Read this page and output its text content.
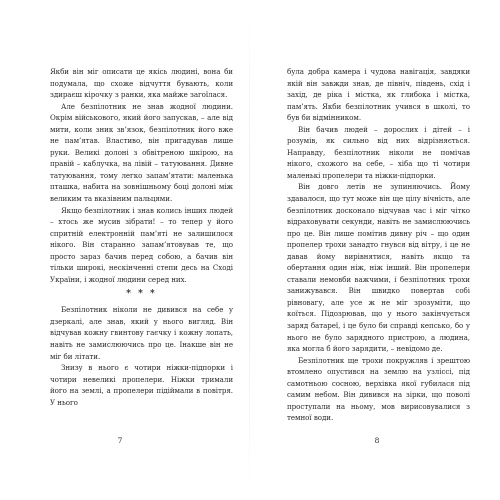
Якби він міг описати це якісь людині, вона би подумала, що схоже відчуття бувають, коли здираєш кірочку з ранки, яка майже загоїлася.

Але безпілотник не знав жодної людини. Окрім військового, який його запускав, – але від мити, коли зник зв’язок, безпілотник його вже не пам’ятав. Властиво, він пригадував лише руки. Великі долоні з обвітреною шкірою, на правій – каблучка, на лівій – татуювання. Дивне татуювання, тому легко запам’ятати: маленька пташка, набита на зовнішньому боці долоні між великим та вказівним пальцями.

Якщо безпілотник і знав колись інших людей – хтось же мусив зібрати! – то тепер у його спритній електронній пам’яті не залишилося нікого. Він старанно запам’ятовував те, що просто зараз бачив перед собою, а бачив він тільки широкі, нескінченні степи десь на Сході України, і жодної людини серед них.

* * *

Безпілотник ніколи не дивився на себе у дзеркалі, але знав, який у нього вигляд. Він відчував кожну гвинтову гаєчку і кожну лопать, навіть не замислюючись про це. Інакше він не міг би літати.

Знизу в нього є чотири ніжки-підпорки і чотири невеликі пропелери. Ніжки тримали його на землі, а пропелери підіймали в повітря. У нього

7

була добра камера і чудова навігація, завдяки якій він завжди знав, де північ, південь, схід і захід, де ріка і містка, як глибока і місткa, пам’ять. Якби безпілотник учився в школі, то був би відмінником.

Він бачив людей – дорослих і дітей – і розумів, як сильно від них відрізняється. Направду, безпілотник ніколи не помічав нікого, схожого на себе, – хіба що ті чотири маленькі пропелери та ніжки-підпорки.

Він довго летів не зупиняючись. Йому здавалося, що тут може він ще цілу вічність, але безпілотник досконало відчував час і міг чітко відраховувати секунди, навіть не замислюючись про це. Він лише помітив дивну річ – що один пропелер трохи занадто гнувся від вітру, і це не давав йому вирівнятися, навіть якщо та обертання один ніж, ніж інший. Він пропелери ставали немовби важчими, і безпілотник трохи занижувався. Він швидко повертав собі рівновагу, але усе ж не міг зрозуміти, що коїться. Підозрював, що у нього закінчується заряд батареї, і це було би справді кепсько, бо у нього не було зарядного пристрою, а людина, яка могла б його зарядити, – невідомо де.

Безпілотник ще трохи покружляв і зрештою втомлено опустився на землю на узліссі, під самотньою сосною, верхівка якої губилася під самим небом. Він дивився на зірки, що поволі проступали на ньому, мов вирисовувалися з темної води.

8
